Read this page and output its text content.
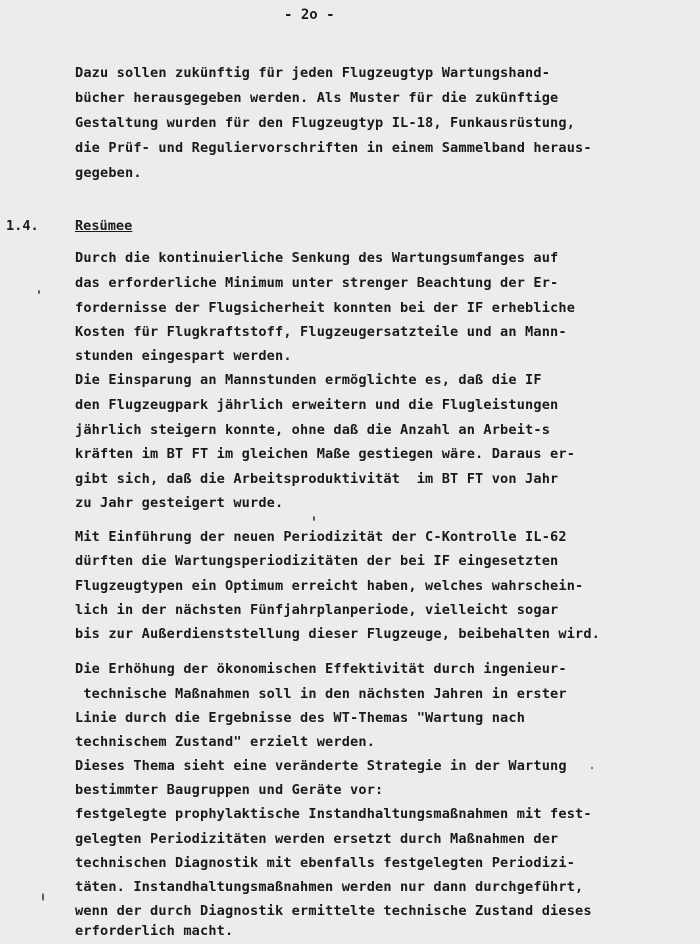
- 2o -
Dazu sollen zukünftig für jeden Flugzeugtyp Wartungshand-
bücher herausgegeben werden. Als Muster für die zukünftige
Gestaltung wurden für den Flugzeugtyp IL-18, Funkausrüstung,
die Prüf- und Reguliervorschriften in einem Sammelband heraus-
gegeben.
1.4.	Resümee
Durch die kontinuierliche Senkung des Wartungsumfanges auf
das erforderliche Minimum unter strenger Beachtung der Er-
fordernisse der Flugsicherheit konnten bei der IF erhebliche
Kosten für Flugkraftstoff, Flugzeugersatzteile und an Mann-
stunden eingespart werden.
Die Einsparung an Mannstunden ermöglichte es, daß die IF
den Flugzeugpark jährlich erweitern und die Flugleistungen
jährlich steigern konnte, ohne daß die Anzahl an Arbeit-s
kräften im BT FT im gleichen Maße gestiegen wäre. Daraus er-
gibt sich, daß die Arbeitsproduktivität  im BT FT von Jahr
zu Jahr gesteigert wurde.
Mit Einführung der neuen Periodizität der C-Kontrolle IL-62
dürften die Wartungsperiodizitäten der bei IF eingesetzten
Flugzeugtypen ein Optimum erreicht haben, welches wahrschein-
lich in der nächsten Fünfjahrplanperiode, vielleicht sogar
bis zur Außerdienststellung dieser Flugzeuge, beibehalten wird.
Die Erhöhung der ökonomischen Effektivität durch ingenieur-
technische Maßnahmen soll in den nächsten Jahren in erster
Linie durch die Ergebnisse des WT-Themas "Wartung nach
technischem Zustand" erzielt werden.
Dieses Thema sieht eine veränderte Strategie in der Wartung
bestimmter Baugruppen und Geräte vor:
festgelegte prophylaktische Instandhaltungsmaßnahmen mit fest-
gelegten Periodizitäten werden ersetzt durch Maßnahmen der
technischen Diagnostik mit ebenfalls festgelegten Periodizi-
täten. Instandhaltungsmaßnahmen werden nur dann durchgeführt,
wenn der durch Diagnostik ermittelte technische Zustand dieses
erforderlich macht.
